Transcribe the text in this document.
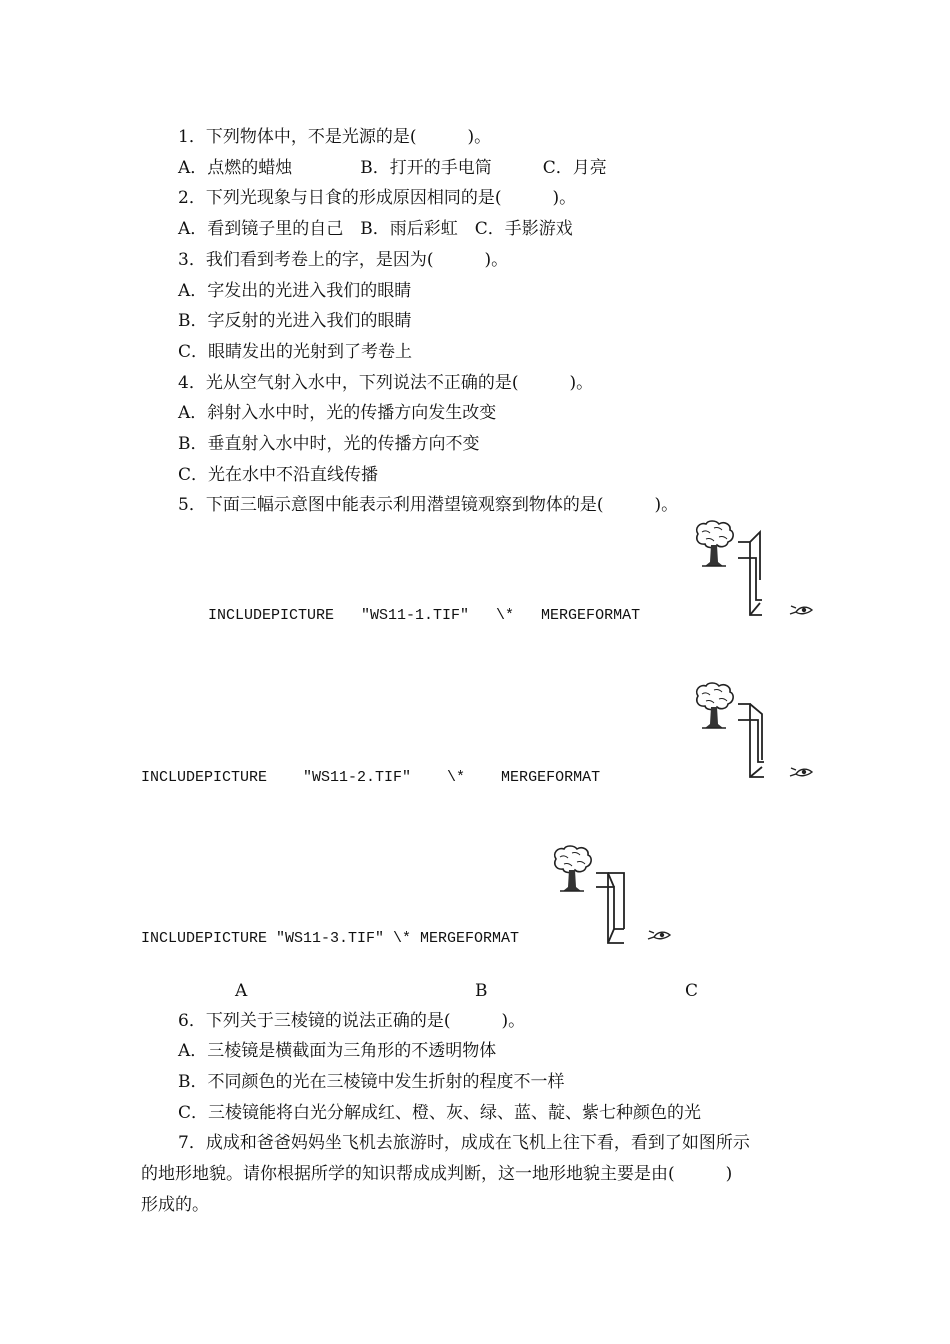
1．下列物体中，不是光源的是(　　　)。
A．点燃的蜡烛　　　　B．打开的手电筒　　　C．月亮
2．下列光现象与日食的形成原因相同的是(　　　)。
A．看到镜子里的自己　B．雨后彩虹　C．手影游戏
3．我们看到考卷上的字，是因为(　　　)。
A．字发出的光进入我们的眼睛
B．字反射的光进入我们的眼睛
C．眼睛发出的光射到了考卷上
4．光从空气射入水中，下列说法不正确的是(　　　)。
A．斜射入水中时，光的传播方向发生改变
B．垂直射入水中时，光的传播方向不变
C．光在水中不沿直线传播
5．下面三幅示意图中能表示利用潜望镜观察到物体的是(　　　)。
INCLUDEPICTURE   "WS11-1.TIF"   \*   MERGEFORMAT
INCLUDEPICTURE    "WS11-2.TIF"    \*    MERGEFORMAT
INCLUDEPICTURE "WS11-3.TIF" \* MERGEFORMAT
A	B	C
6．下列关于三棱镜的说法正确的是(　　　)。
A．三棱镜是横截面为三角形的不透明物体
B．不同颜色的光在三棱镜中发生折射的程度不一样
C．三棱镜能将白光分解成红、橙、灰、绿、蓝、靛、紫七种颜色的光
7．成成和爸爸妈妈坐飞机去旅游时，成成在飞机上往下看，看到了如图所示
的地形地貌。请你根据所学的知识帮成成判断，这一地形地貌主要是由(　　　)
形成的。
